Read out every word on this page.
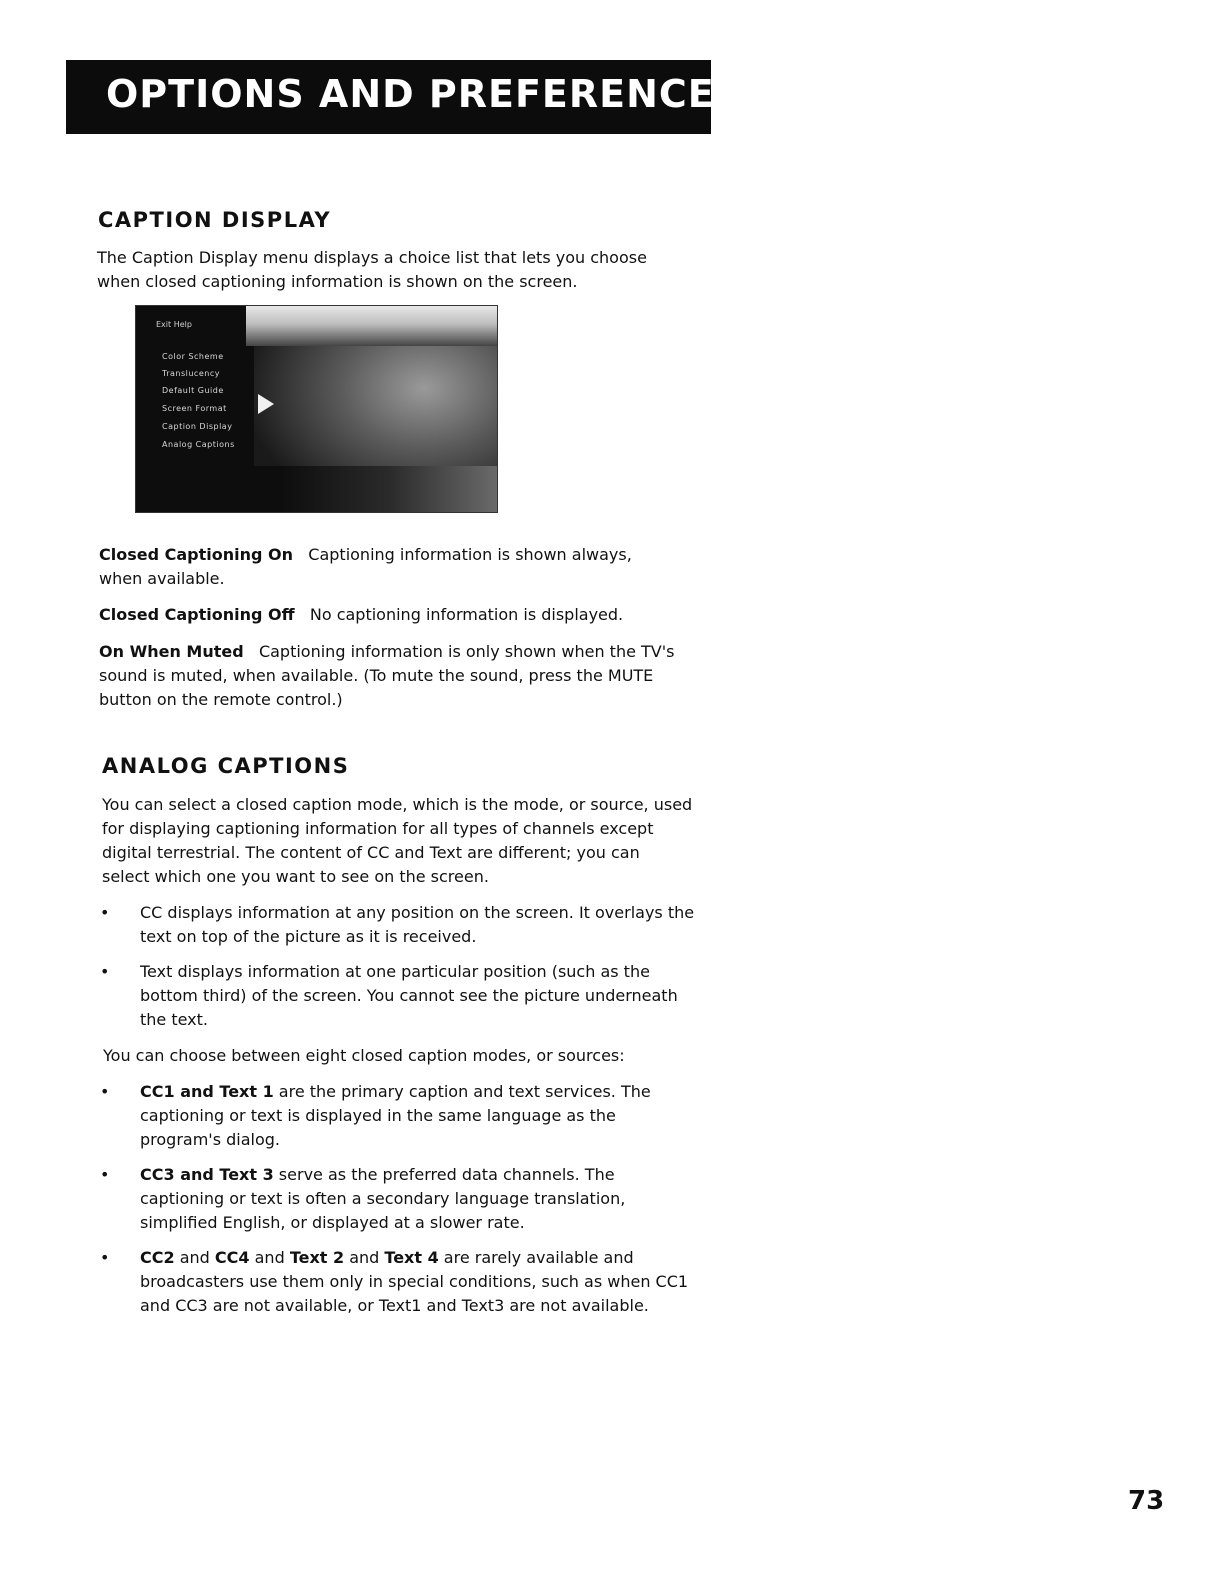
OPTIONS AND PREFERENCES
CAPTION DISPLAY

The Caption Display menu displays a choice list that lets you choose
when closed captioning information is shown on the screen.

Exit Help
Color Scheme
Translucency
Default Guide
Screen Format
Caption Display
Analog Captions

Closed Captioning On Captioning information is shown always,
when available.

Closed Captioning Off No captioning information is displayed.

On When Muted Captioning information is only shown when the TV's
sound is muted, when available. (To mute the sound, press the MUTE
button on the remote control.)

ANALOG CAPTIONS

You can select a closed caption mode, which is the mode, or source, used
for displaying captioning information for all types of channels except
digital terrestrial. The content of CC and Text are different; you can
select which one you want to see on the screen.

•	CC displays information at any position on the screen. It overlays the
text on top of the picture as it is received.
•	Text displays information at one particular position (such as the
bottom third) of the screen. You cannot see the picture underneath
the text.

You can choose between eight closed caption modes, or sources:

•	CC1 and Text 1 are the primary caption and text services. The
captioning or text is displayed in the same language as the
program's dialog.
•	CC3 and Text 3 serve as the preferred data channels. The
captioning or text is often a secondary language translation,
simplified English, or displayed at a slower rate.
•	CC2 and CC4 and Text 2 and Text 4 are rarely available and
broadcasters use them only in special conditions, such as when CC1
and CC3 are not available, or Text1 and Text3 are not available.
73
